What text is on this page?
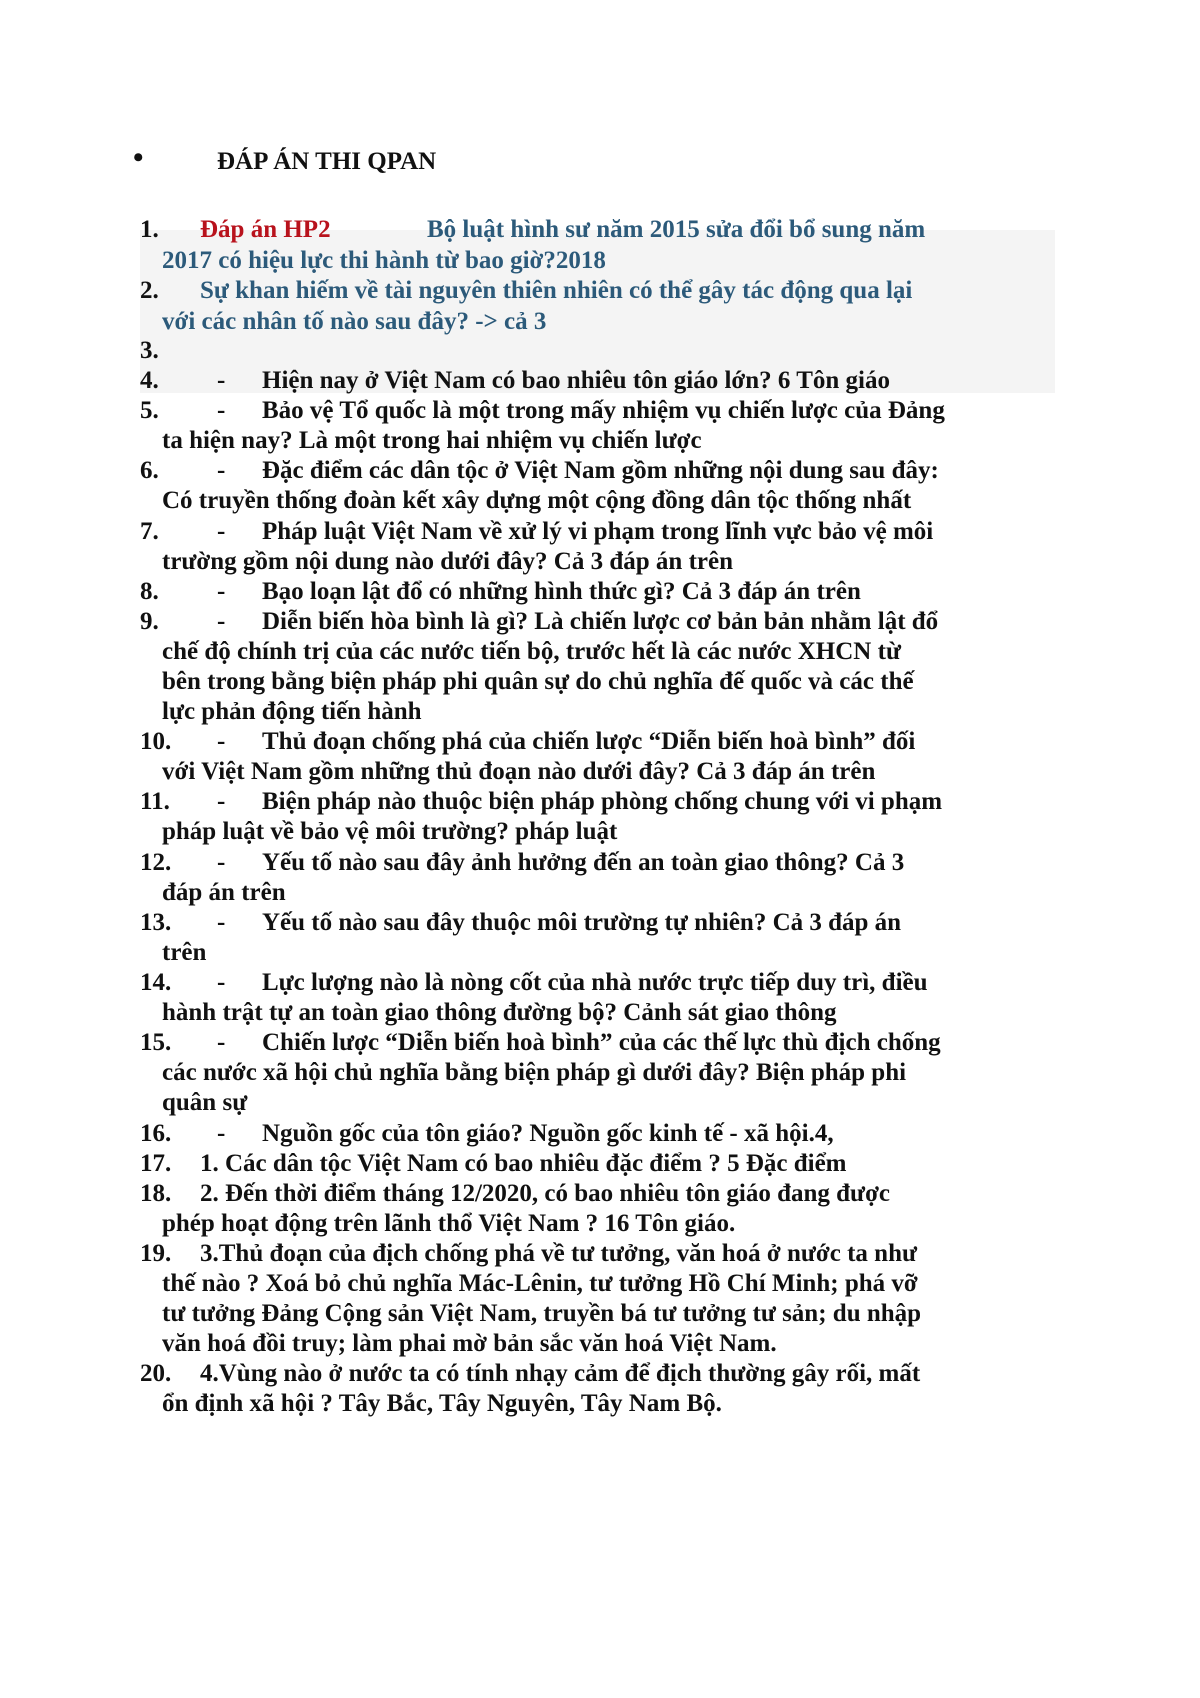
•	ĐÁP ÁN THI QPAN
1. Đáp án HP2	Bộ luật hình sư năm 2015 sửa đổi bổ sung năm
2017 có hiệu lực thi hành từ bao giờ?2018
2. Sự khan hiếm về tài nguyên thiên nhiên có thể gây tác động qua lại
với các nhân tố nào sau đây? -> cả 3
3.
4. - Hiện nay ở Việt Nam có bao nhiêu tôn giáo lớn? 6 Tôn giáo
5. - Bảo vệ Tổ quốc là một trong mấy nhiệm vụ chiến lược của Đảng
ta hiện nay? Là một trong hai nhiệm vụ chiến lược
6. - Đặc điểm các dân tộc ở Việt Nam gồm những nội dung sau đây:
Có truyền thống đoàn kết xây dựng một cộng đồng dân tộc thống nhất
7. - Pháp luật Việt Nam về xử lý vi phạm trong lĩnh vực bảo vệ môi
trường gồm nội dung nào dưới đây? Cả 3 đáp án trên
8. - Bạo loạn lật đổ có những hình thức gì? Cả 3 đáp án trên
9. - Diễn biến hòa bình là gì? Là chiến lược cơ bản bản nhằm lật đổ
chế độ chính trị của các nước tiến bộ, trước hết là các nước XHCN từ
bên trong bằng biện pháp phi quân sự do chủ nghĩa đế quốc và các thế
lực phản động tiến hành
10. - Thủ đoạn chống phá của chiến lược “Diễn biến hoà bình” đối
với Việt Nam gồm những thủ đoạn nào dưới đây? Cả 3 đáp án trên
11. - Biện pháp nào thuộc biện pháp phòng chống chung với vi phạm
pháp luật về bảo vệ môi trường? pháp luật
12. - Yếu tố nào sau đây ảnh hưởng đến an toàn giao thông? Cả 3
đáp án trên
13. - Yếu tố nào sau đây thuộc môi trường tự nhiên? Cả 3 đáp án
trên
14. - Lực lượng nào là nòng cốt của nhà nước trực tiếp duy trì, điều
hành trật tự an toàn giao thông đường bộ? Cảnh sát giao thông
15. - Chiến lược “Diễn biến hoà bình” của các thế lực thù địch chống
các nước xã hội chủ nghĩa bằng biện pháp gì dưới đây? Biện pháp phi
quân sự
16. - Nguồn gốc của tôn giáo? Nguồn gốc kinh tế - xã hội.4,
17. 1. Các dân tộc Việt Nam có bao nhiêu đặc điểm ? 5 Đặc điểm
18. 2. Đến thời điểm tháng 12/2020, có bao nhiêu tôn giáo đang được
phép hoạt động trên lãnh thổ Việt Nam ? 16 Tôn giáo.
19. 3.Thủ đoạn của địch chống phá về tư tưởng, văn hoá ở nước ta như
thế nào ? Xoá bỏ chủ nghĩa Mác-Lênin, tư tưởng Hồ Chí Minh; phá vỡ
tư tưởng Đảng Cộng sản Việt Nam, truyền bá tư tưởng tư sản; du nhập
văn hoá đồi truy; làm phai mờ bản sắc văn hoá Việt Nam.
20. 4.Vùng nào ở nước ta có tính nhạy cảm để địch thường gây rối, mất
ổn định xã hội ? Tây Bắc, Tây Nguyên, Tây Nam Bộ.
